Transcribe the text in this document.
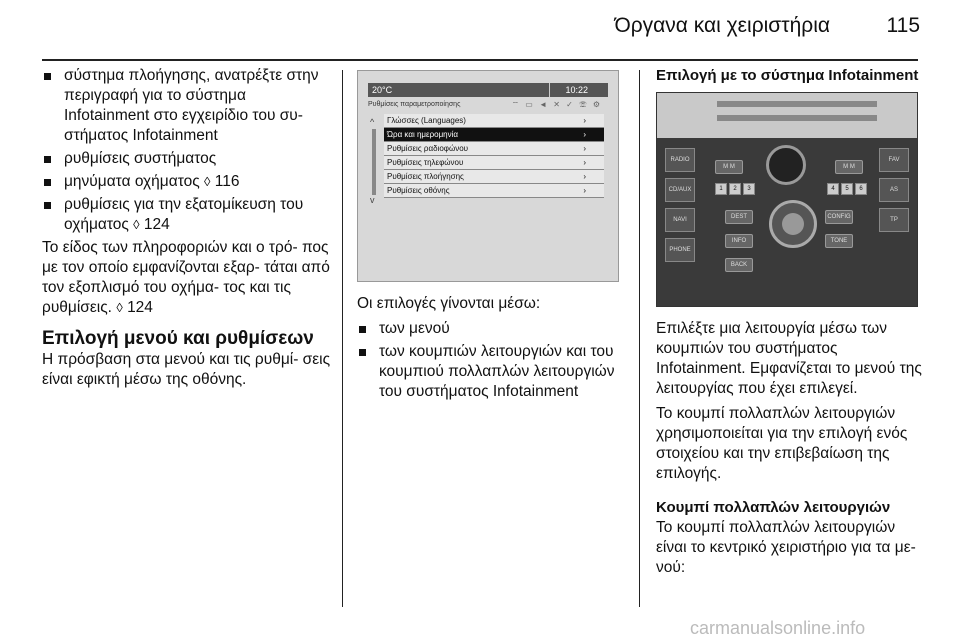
Όργανα και χειριστήρια	115
σύστημα πλοήγησης, ανατρέξτε στην περιγραφή για το σύστημα Infotainment στο εγχειρίδιο του συ- στήματος Infotainment
ρυθμίσεις συστήματος
μηνύματα οχήματος ◊ 116
ρυθμίσεις για την εξατομίκευση του οχήματος ◊ 124

Το είδος των πληροφοριών και ο τρό- πος με τον οποίο εμφανίζονται εξαρ- τάται από τον εξοπλισμό του οχήμα- τος και τις ρυθμίσεις. ◊ 124

Επιλογή μενού και ρυθμίσεων

Η πρόσβαση στα μενού και τις ρυθμί- σεις είναι εφικτή μέσω της οθόνης.

20°C	10:22
Ρυθμίσεις παραμετροποίησης	⌔ ▭ ◄ ✕ ✓ ☏ ⚙
^
v
Γλώσσες (Languages)	›
Ώρα και ημερομηνία	›
Ρυθμίσεις ραδιοφώνου	›
Ρυθμίσεις τηλεφώνου	›
Ρυθμίσεις πλοήγησης	›
Ρυθμίσεις οθόνης	›

Οι επιλογές γίνονται μέσω:

των μενού
των κουμπιών λειτουργιών και του κουμπιού πολλαπλών λειτουργιών του συστήματος Infotainment
Επιλογή με το σύστημα Infotainment
RADIO
CD/AUX
NAVI
PHONE
M M	M M
1	2	3	4	5	6
DEST	CONFIG
INFO	TONE
BACK
FAV
AS
TP

Επιλέξτε μια λειτουργία μέσω των κουμπιών του συστήματος Infotainment. Εμφανίζεται το μενού της λειτουργίας που έχει επιλεγεί.

Το κουμπί πολλαπλών λειτουργιών χρησιμοποιείται για την επιλογή ενός στοιχείου και την επιβεβαίωση της επιλογής.

Κουμπί πολλαπλών λειτουργιών

Το κουμπί πολλαπλών λειτουργιών είναι το κεντρικό χειριστήριο για τα με- νού:

carmanualsonline.info
